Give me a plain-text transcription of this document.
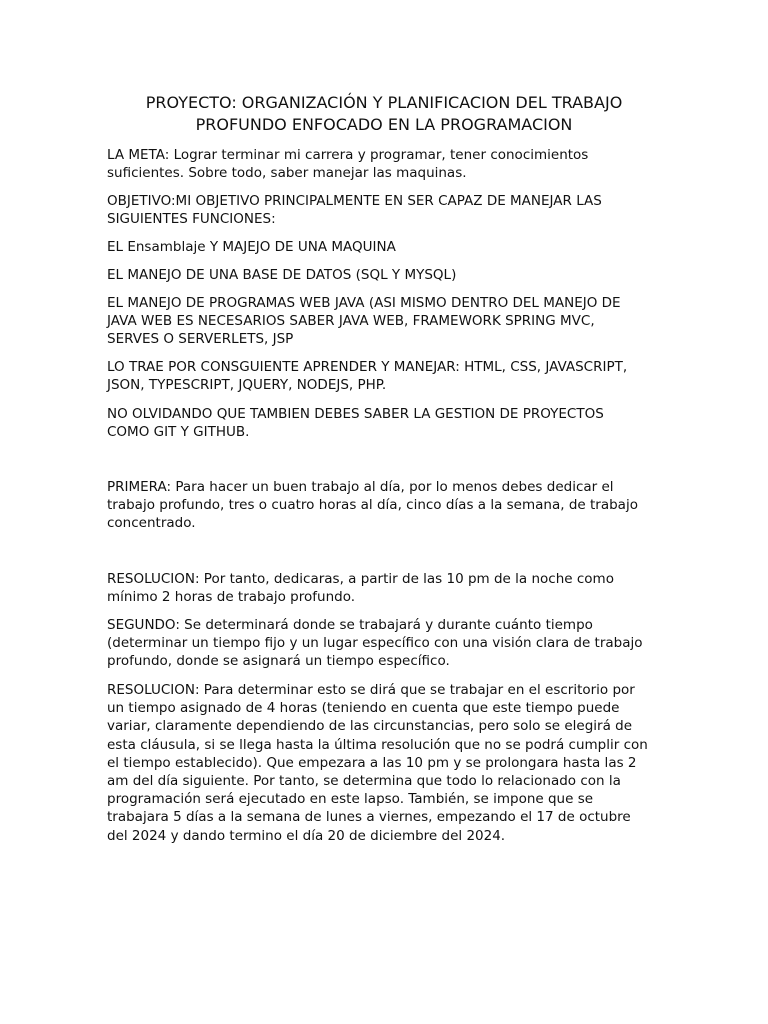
PROYECTO: ORGANIZACIÓN Y PLANIFICACION DEL TRABAJO
PROFUNDO ENFOCADO EN LA PROGRAMACION

LA META: Lograr terminar mi carrera y programar, tener conocimientos
suficientes. Sobre todo, saber manejar las maquinas.

OBJETIVO:MI OBJETIVO PRINCIPALMENTE EN SER CAPAZ DE MANEJAR LAS
SIGUIENTES FUNCIONES:

EL Ensamblaje Y MAJEJO DE UNA MAQUINA

EL MANEJO DE UNA BASE DE DATOS (SQL Y MYSQL)

EL MANEJO DE PROGRAMAS WEB JAVA (ASI MISMO DENTRO DEL MANEJO DE
JAVA WEB ES NECESARIOS SABER JAVA WEB, FRAMEWORK SPRING MVC,
SERVES O SERVERLETS, JSP

LO TRAE POR CONSGUIENTE APRENDER Y MANEJAR: HTML, CSS, JAVASCRIPT,
JSON, TYPESCRIPT, JQUERY, NODEJS, PHP.

NO OLVIDANDO QUE TAMBIEN DEBES SABER LA GESTION DE PROYECTOS
COMO GIT Y GITHUB.

PRIMERA: Para hacer un buen trabajo al día, por lo menos debes dedicar el
trabajo profundo, tres o cuatro horas al día, cinco días a la semana, de trabajo
concentrado.

RESOLUCION: Por tanto, dedicaras, a partir de las 10 pm de la noche como
mínimo 2 horas de trabajo profundo.

SEGUNDO: Se determinará donde se trabajará y durante cuánto tiempo
(determinar un tiempo fijo y un lugar específico con una visión clara de trabajo
profundo, donde se asignará un tiempo específico.

RESOLUCION: Para determinar esto se dirá que se trabajar en el escritorio por
un tiempo asignado de 4 horas (teniendo en cuenta que este tiempo puede
variar, claramente dependiendo de las circunstancias, pero solo se elegirá de
esta cláusula, si se llega hasta la última resolución que no se podrá cumplir con
el tiempo establecido). Que empezara a las 10 pm y se prolongara hasta las 2
am del día siguiente. Por tanto, se determina que todo lo relacionado con la
programación será ejecutado en este lapso. También, se impone que se
trabajara 5 días a la semana de lunes a viernes, empezando el 17 de octubre
del 2024 y dando termino el día 20 de diciembre del 2024.
